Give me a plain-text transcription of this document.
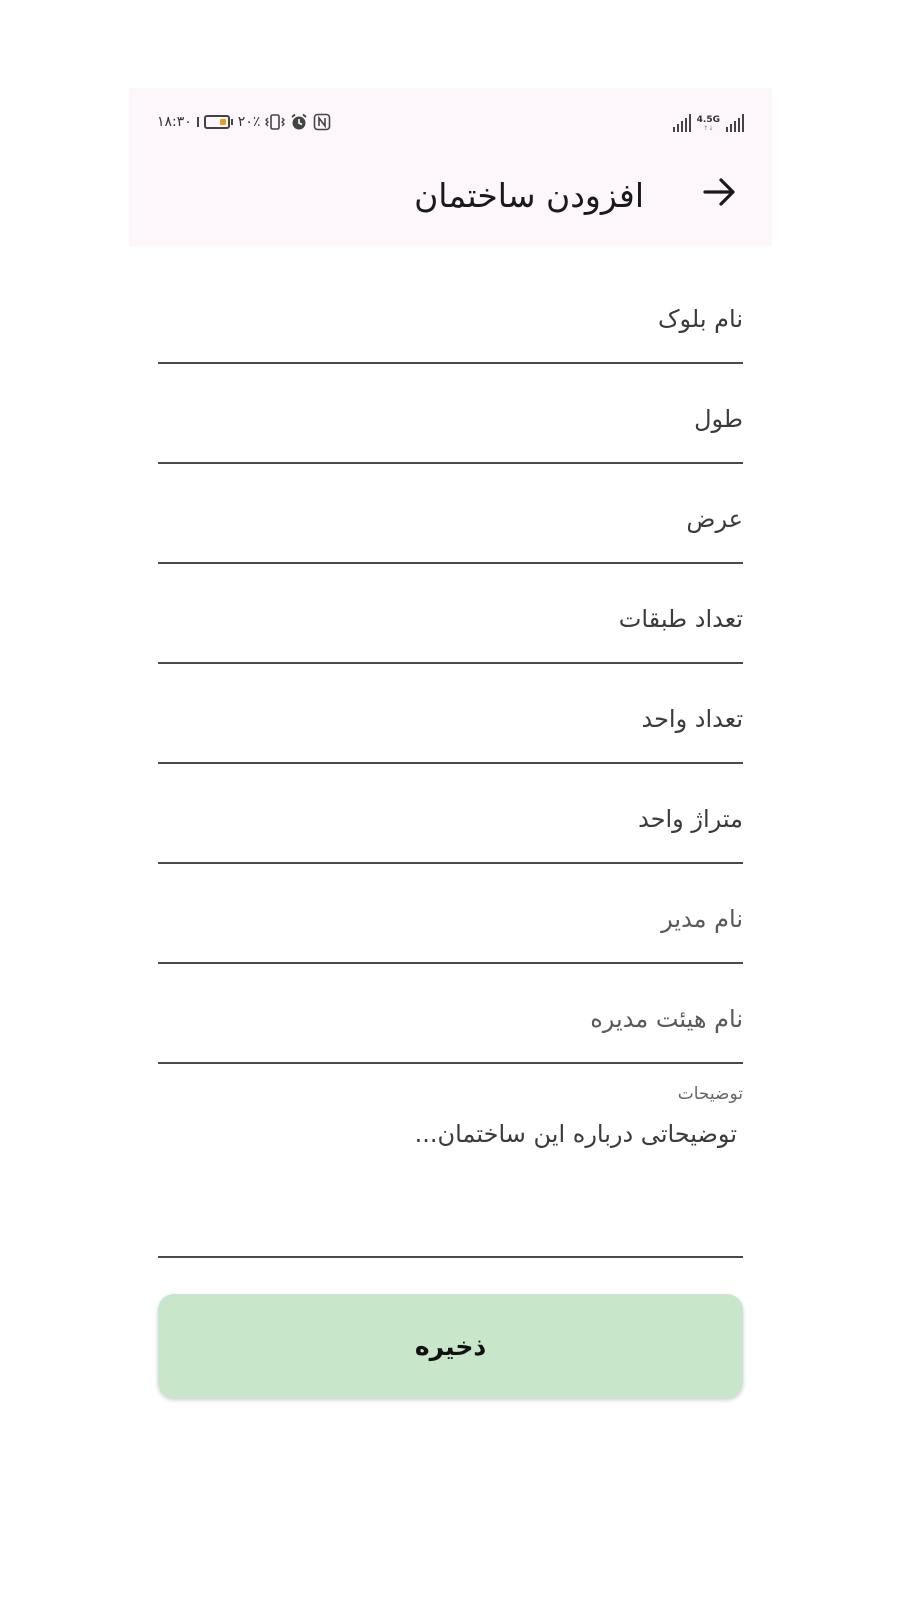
۱۸:۳۰	۲۰٪	4.5G
↑↓
افزودن ساختمان
نام بلوک
طول
عرض
تعداد طبقات
تعداد واحد
متراژ واحد
نام مدیر
نام هیئت مدیره
توضیحات
توضیحاتی درباره این ساختمان...
ذخیره
